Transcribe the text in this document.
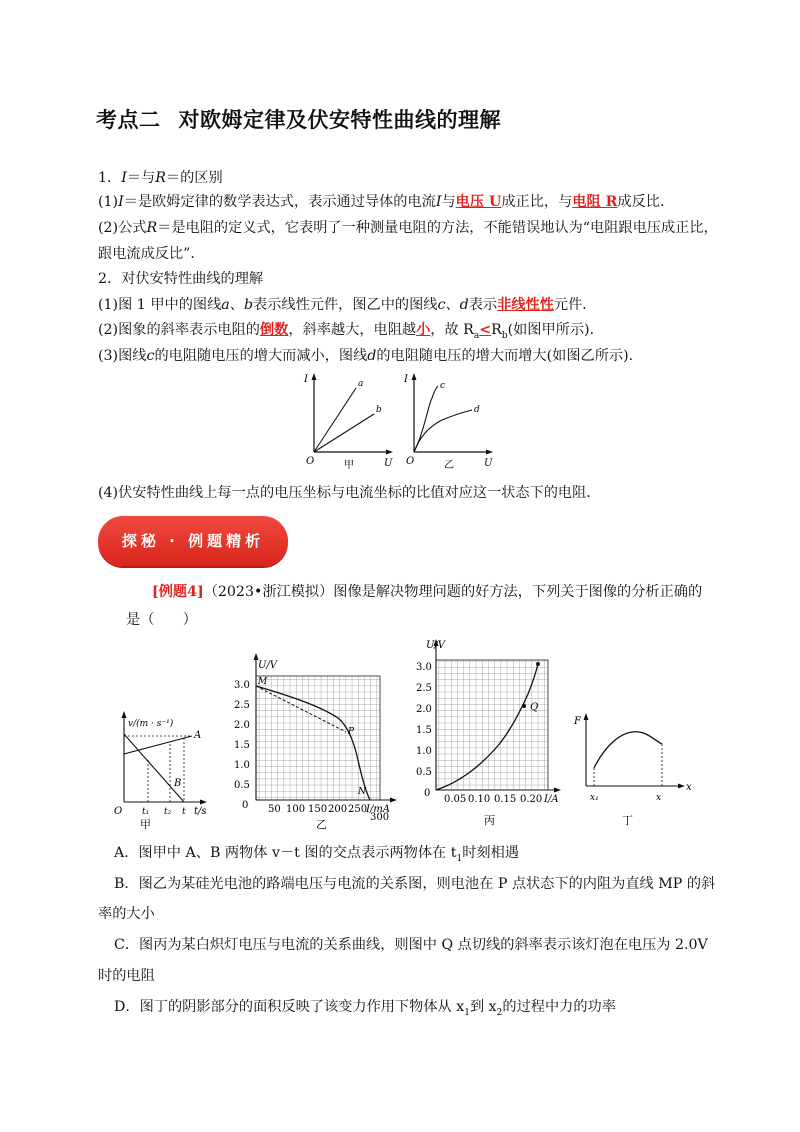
考点二 对欧姆定律及伏安特性曲线的理解
1．I＝与R＝的区别
(1)I＝是欧姆定律的数学表达式，表示通过导体的电流I与电压 U成正比，与电阻 R成反比．
(2)公式R＝是电阻的定义式，它表明了一种测量电阻的方法，不能错误地认为“电阻跟电压成正比，
跟电流成反比”．
2．对伏安特性曲线的理解
(1)图 1 甲中的图线a、b表示线性元件，图乙中的图线c、d表示非线性性元件．
(2)图象的斜率表示电阻的倒数，斜率越大，电阻越小，故 $R_a<R_b$(如图甲所示)．
(3)图线c的电阻随电压的增大而减小，图线d的电阻随电压的增大而增大(如图乙所示)．
I
U
O	甲
a
b
I
U
O	乙
c
d
(4)伏安特性曲线上每一点的电压坐标与电流坐标的比值对应这一状态下的电阻．
探秘 · 例题精析
[例题4]（2023•浙江模拟）图像是解决物理问题的好方法，下列关于图像的分析正确的
是（　　）
v/(m · s⁻¹)
A
B
O t₁ t₂ t t/s
甲
U/V
M
P
N
I/mA
3.0
2.5
2.0
1.5
1.0
0.5
0 50 100 150 200 250
300
乙
U/V
Q
3.0
2.5
2.0
1.5
1.0
0.5
0
0.05 0.10 0.15 0.20 I/A
丙
F
x₁	x
x
丁
A．图甲中 A、B 两物体 v－t 图的交点表示两物体在 $t_1$时刻相遇
B．图乙为某硅光电池的路端电压与电流的关系图，则电池在 P 点状态下的内阻为直线 MP 的斜
率的大小
C．图丙为某白炽灯电压与电流的关系曲线，则图中 Q 点切线的斜率表示该灯泡在电压为 2.0V
时的电阻
D．图丁的阴影部分的面积反映了该变力作用下物体从 $x_1$到 $x_2$的过程中力的功率
